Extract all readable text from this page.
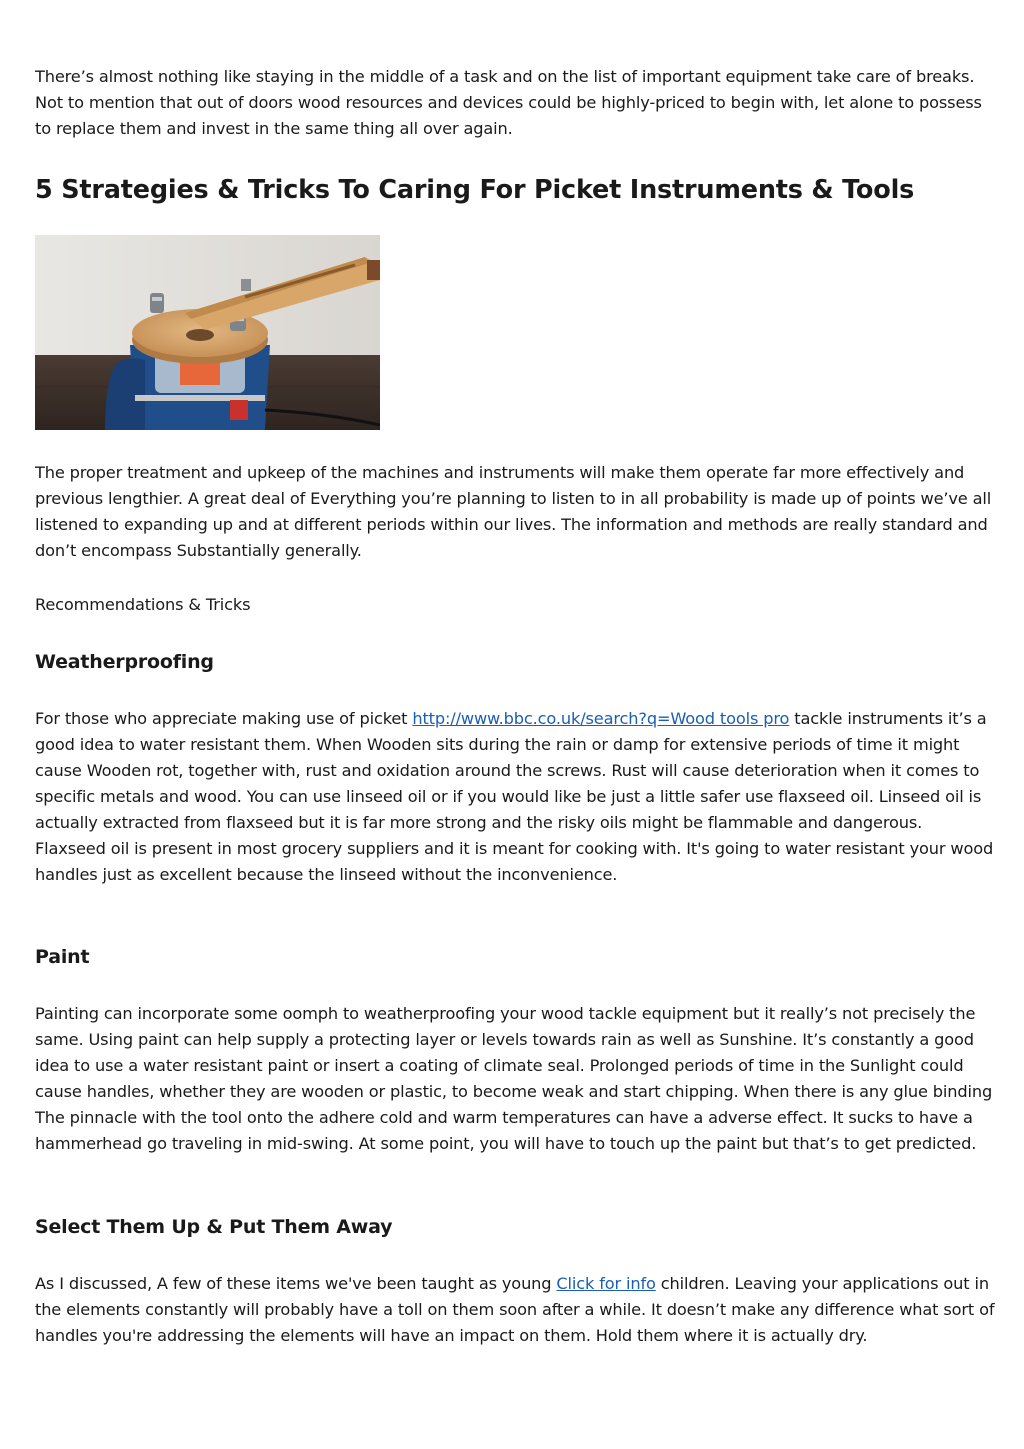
There’s almost nothing like staying in the middle of a task and on the list of important equipment take care of breaks. Not to mention that out of doors wood resources and devices could be highly-priced to begin with, let alone to possess to replace them and invest in the same thing all over again.

5 Strategies & Tricks To Caring For Picket Instruments & Tools

The proper treatment and upkeep of the machines and instruments will make them operate far more effectively and previous lengthier. A great deal of Everything you’re planning to listen to in all probability is made up of points we’ve all listened to expanding up and at different periods within our lives. The information and methods are really standard and don’t encompass Substantially generally.

Recommendations & Tricks

Weatherproofing

For those who appreciate making use of picket http://www.bbc.co.uk/search?q=Wood tools pro tackle instruments it’s a good idea to water resistant them. When Wooden sits during the rain or damp for extensive periods of time it might cause Wooden rot, together with, rust and oxidation around the screws. Rust will cause deterioration when it comes to specific metals and wood. You can use linseed oil or if you would like be just a little safer use flaxseed oil. Linseed oil is actually extracted from flaxseed but it is far more strong and the risky oils might be flammable and dangerous. Flaxseed oil is present in most grocery suppliers and it is meant for cooking with. It's going to water resistant your wood handles just as excellent because the linseed without the inconvenience.

Paint

Painting can incorporate some oomph to weatherproofing your wood tackle equipment but it really’s not precisely the same. Using paint can help supply a protecting layer or levels towards rain as well as Sunshine. It’s constantly a good idea to use a water resistant paint or insert a coating of climate seal. Prolonged periods of time in the Sunlight could cause handles, whether they are wooden or plastic, to become weak and start chipping. When there is any glue binding The pinnacle with the tool onto the adhere cold and warm temperatures can have a adverse effect. It sucks to have a hammerhead go traveling in mid-swing. At some point, you will have to touch up the paint but that’s to get predicted.

Select Them Up & Put Them Away

As I discussed, A few of these items we've been taught as young Click for info children. Leaving your applications out in the elements constantly will probably have a toll on them soon after a while. It doesn’t make any difference what sort of handles you're addressing the elements will have an impact on them. Hold them where it is actually dry.
